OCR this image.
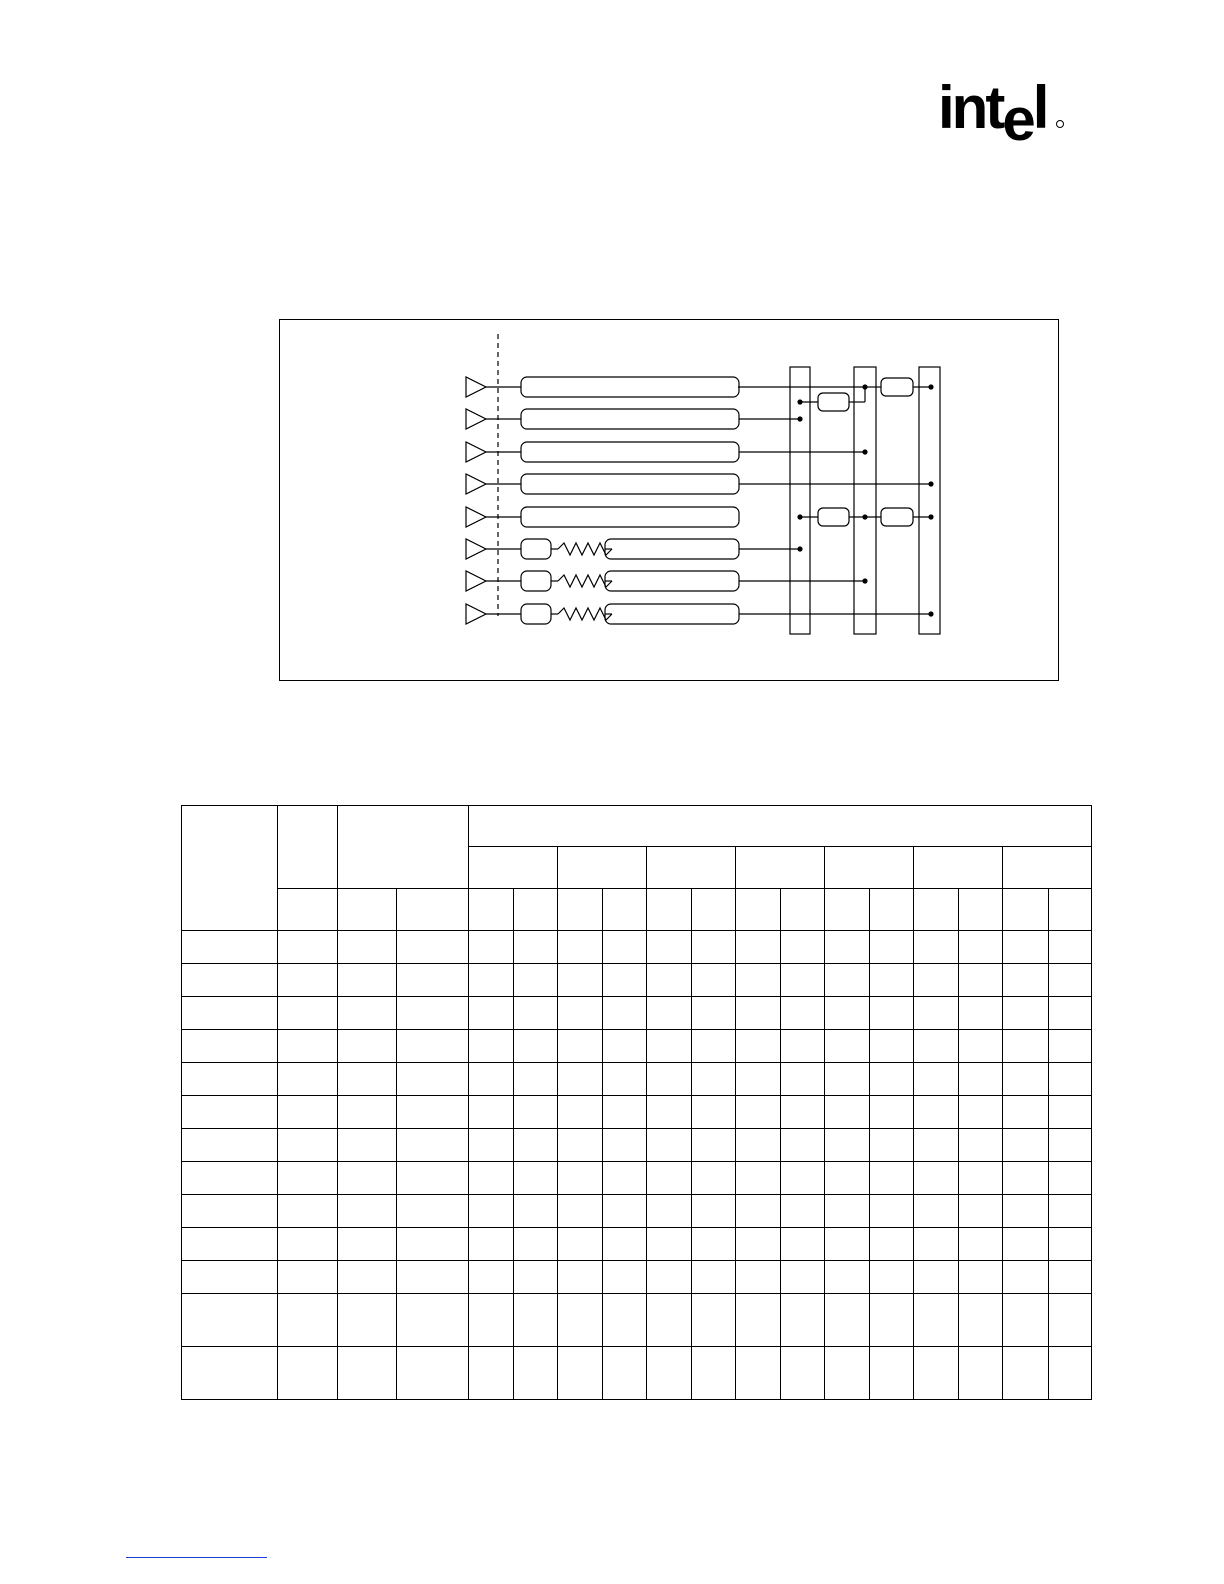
intel
